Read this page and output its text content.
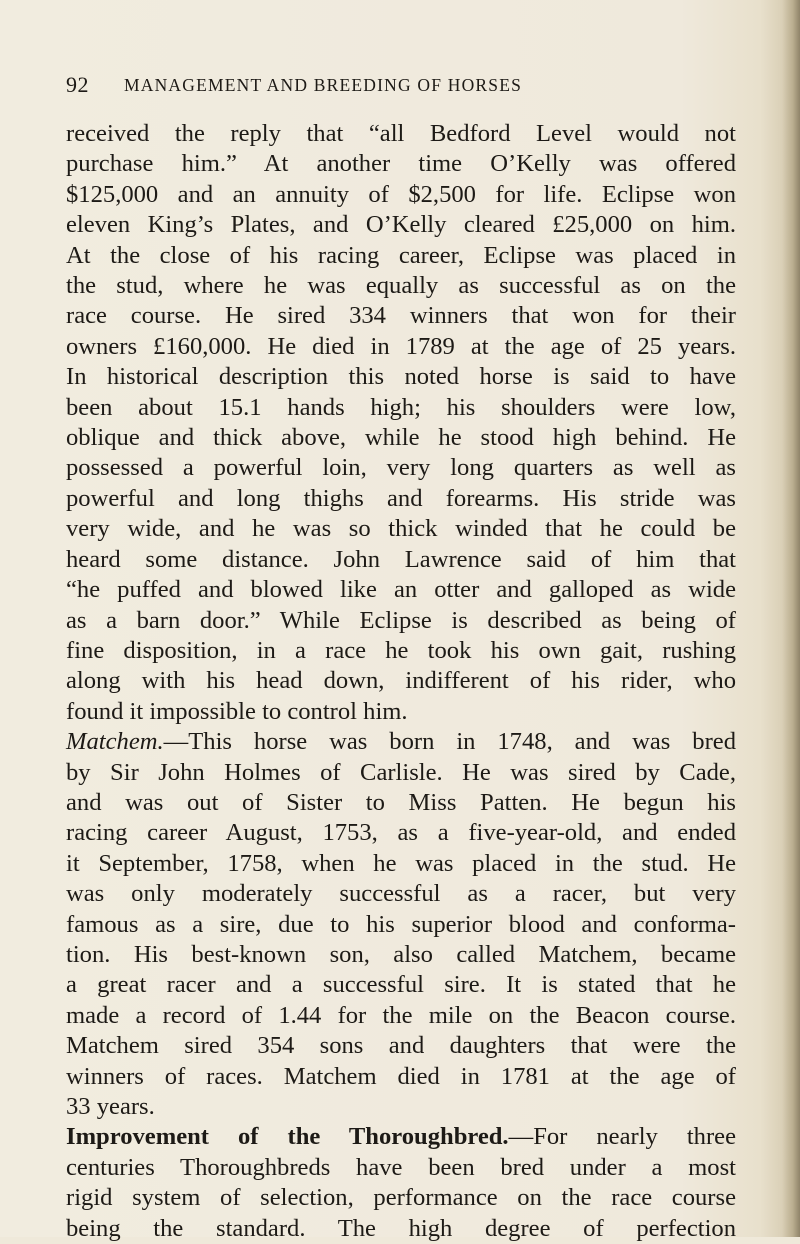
92 MANAGEMENT AND BREEDING OF HORSES
received the reply that “all Bedford Level would not
purchase him.” At another time O’Kelly was offered
$125,000 and an annuity of $2,500 for life. Eclipse won
eleven King’s Plates, and O’Kelly cleared £25,000 on him.
At the close of his racing career, Eclipse was placed in
the stud, where he was equally as successful as on the
race course. He sired 334 winners that won for their
owners £160,000. He died in 1789 at the age of 25 years.
In historical description this noted horse is said to have
been about 15.1 hands high; his shoulders were low,
oblique and thick above, while he stood high behind. He
possessed a powerful loin, very long quarters as well as
powerful and long thighs and forearms. His stride was
very wide, and he was so thick winded that he could be
heard some distance. John Lawrence said of him that
“he puffed and blowed like an otter and galloped as wide
as a barn door.” While Eclipse is described as being of
fine disposition, in a race he took his own gait, rushing
along with his head down, indifferent of his rider, who
found it impossible to control him.
Matchem.—This horse was born in 1748, and was bred
by Sir John Holmes of Carlisle. He was sired by Cade,
and was out of Sister to Miss Patten. He begun his
racing career August, 1753, as a five-year-old, and ended
it September, 1758, when he was placed in the stud. He
was only moderately successful as a racer, but very
famous as a sire, due to his superior blood and conforma-
tion. His best-known son, also called Matchem, became
a great racer and a successful sire. It is stated that he
made a record of 1.44 for the mile on the Beacon course.
Matchem sired 354 sons and daughters that were the
winners of races. Matchem died in 1781 at the age of
33 years.
Improvement of the Thoroughbred.—For nearly three
centuries Thoroughbreds have been bred under a most
rigid system of selection, performance on the race course
being the standard. The high degree of perfection
